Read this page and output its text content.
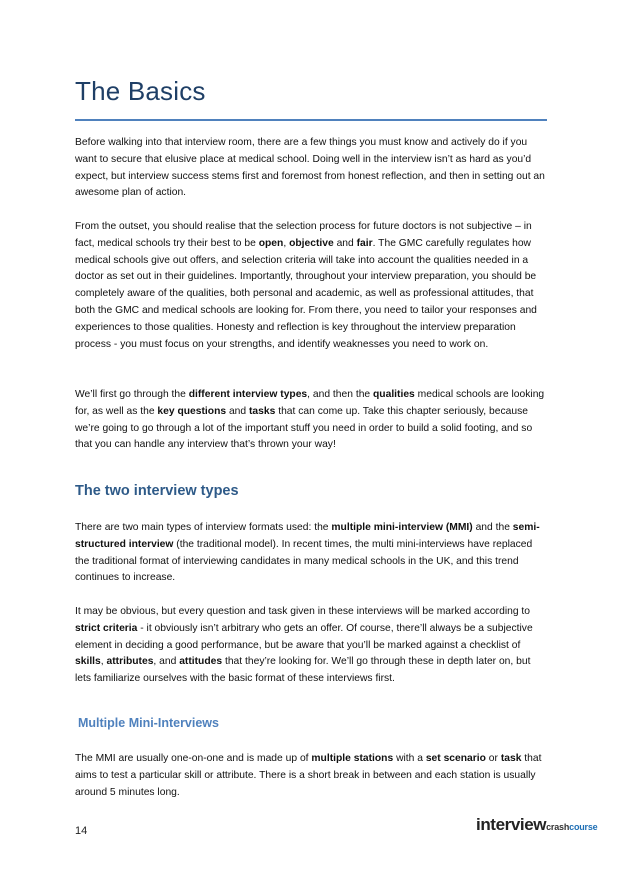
The Basics

Before walking into that interview room, there are a few things you must know and actively do if you want to secure that elusive place at medical school. Doing well in the interview isn’t as hard as you’d expect, but interview success stems first and foremost from honest reflection, and then in setting out an awesome plan of action.

From the outset, you should realise that the selection process for future doctors is not subjective – in fact, medical schools try their best to be open, objective and fair. The GMC carefully regulates how medical schools give out offers, and selection criteria will take into account the qualities needed in a doctor as set out in their guidelines. Importantly, throughout your interview preparation, you should be completely aware of the qualities, both personal and academic, as well as professional attitudes, that both the GMC and medical schools are looking for. From there, you need to tailor your responses and experiences to those qualities. Honesty and reflection is key throughout the interview preparation process - you must focus on your strengths, and identify weaknesses you need to work on.

We’ll first go through the different interview types, and then the qualities medical schools are looking for, as well as the key questions and tasks that can come up. Take this chapter seriously, because we’re going to go through a lot of the important stuff you need in order to build a solid footing, and so that you can handle any interview that’s thrown your way!

The two interview types

There are two main types of interview formats used: the multiple mini-interview (MMI) and the semi-structured interview (the traditional model). In recent times, the multi mini-interviews have replaced the traditional format of interviewing candidates in many medical schools in the UK, and this trend continues to increase.

It may be obvious, but every question and task given in these interviews will be marked according to strict criteria - it obviously isn’t arbitrary who gets an offer. Of course, there’ll always be a subjective element in deciding a good performance, but be aware that you’ll be marked against a checklist of skills, attributes, and attitudes that they’re looking for. We’ll go through these in depth later on, but lets familiarize ourselves with the basic format of these interviews first.

Multiple Mini-Interviews

The MMI are usually one-on-one and is made up of multiple stations with a set scenario or task that aims to test a particular skill or attribute. There is a short break in between and each station is usually around 5 minutes long.

14	interviewcrashcourse
